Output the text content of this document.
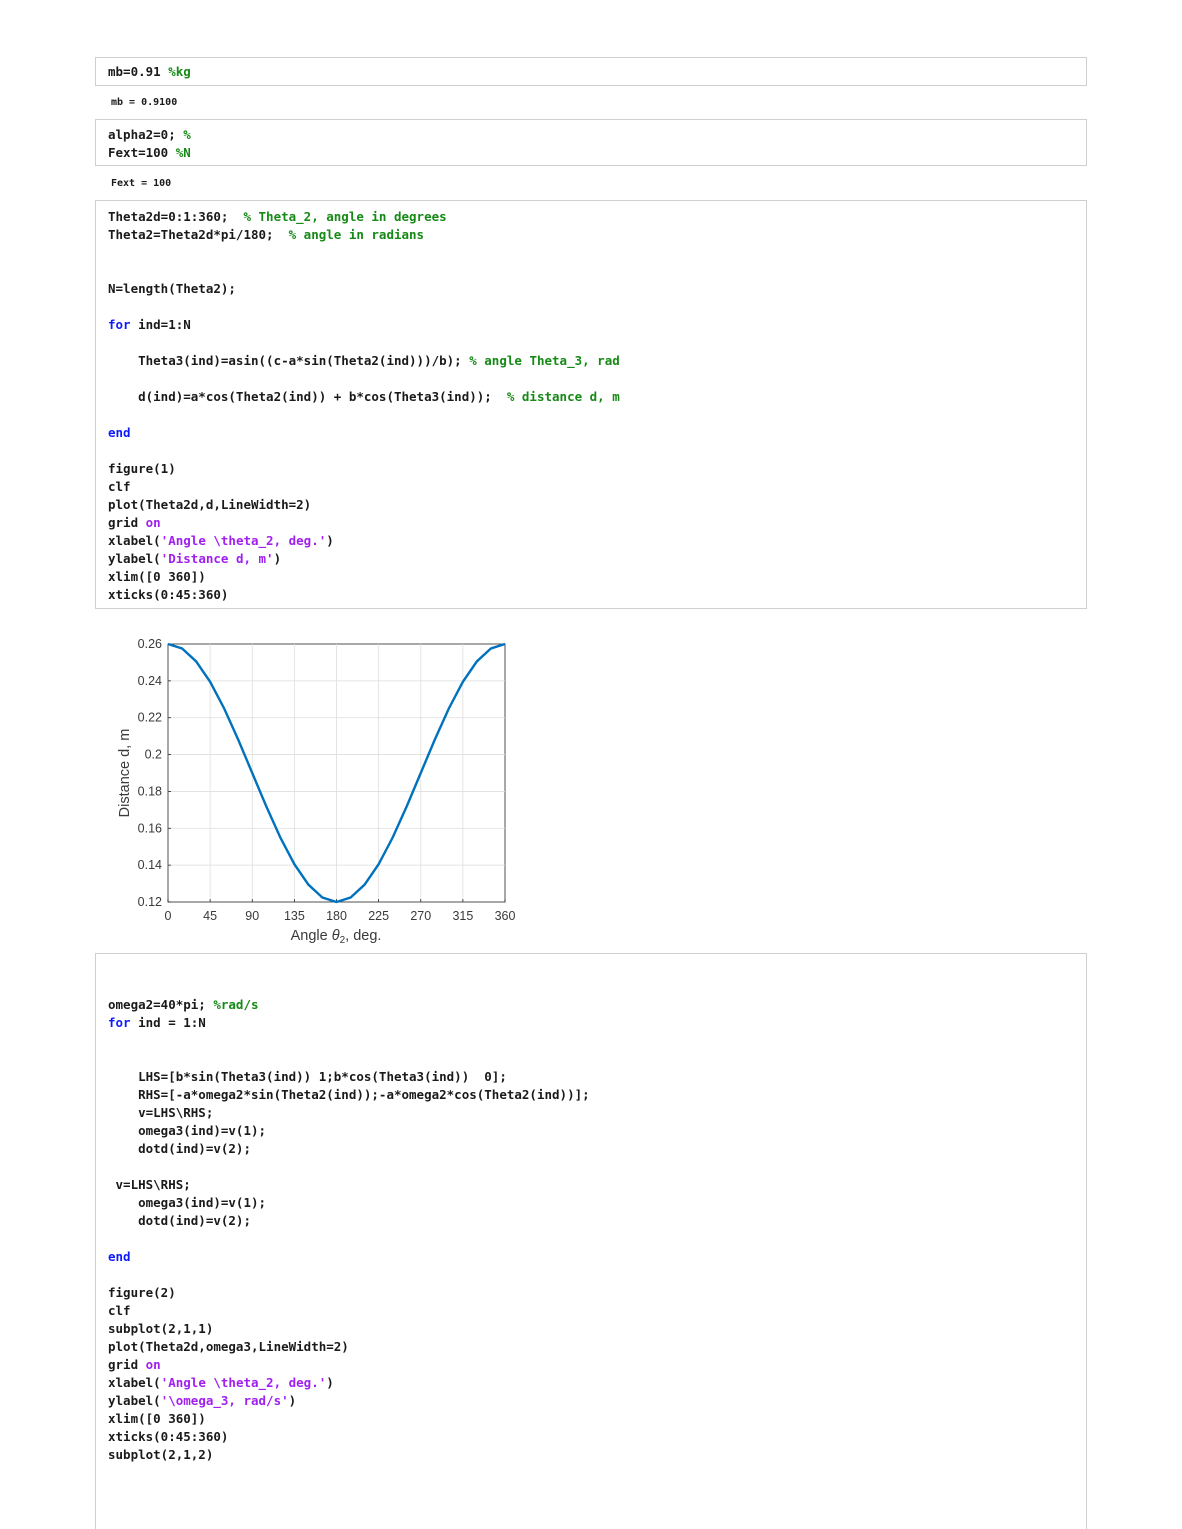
mb=0.91 %kg
mb = 0.9100
alpha2=0; %
Fext=100 %N
Fext = 100
Theta2d=0:1:360;  % Theta_2, angle in degrees
Theta2=Theta2d*pi/180;  % angle in radians
N=length(Theta2);
for ind=1:N
Theta3(ind)=asin((c-a*sin(Theta2(ind)))/b); % angle Theta_3, rad
d(ind)=a*cos(Theta2(ind)) + b*cos(Theta3(ind));  % distance d, m
end
figure(1)
clf
plot(Theta2d,d,LineWidth=2)
grid on
xlabel('Angle \theta_2, deg.')
ylabel('Distance d, m')
xlim([0 360])
xticks(0:45:360)
0	45 90 135 180 225 270 315 360
0.12
0.14
0.16
0.18
0.2
0.22
0.24
0.26
Angle $\theta_2$, deg.
Distance d, m
omega2=40*pi; %rad/s
for ind = 1:N
LHS=[b*sin(Theta3(ind)) 1;b*cos(Theta3(ind))  0];
RHS=[-a*omega2*sin(Theta2(ind));-a*omega2*cos(Theta2(ind))];
v=LHS\RHS;
omega3(ind)=v(1);
dotd(ind)=v(2);
v=LHS\RHS;
omega3(ind)=v(1);
dotd(ind)=v(2);
end
figure(2)
clf
subplot(2,1,1)
plot(Theta2d,omega3,LineWidth=2)
grid on
xlabel('Angle \theta_2, deg.')
ylabel('\omega_3, rad/s')
xlim([0 360])
xticks(0:45:360)
subplot(2,1,2)
